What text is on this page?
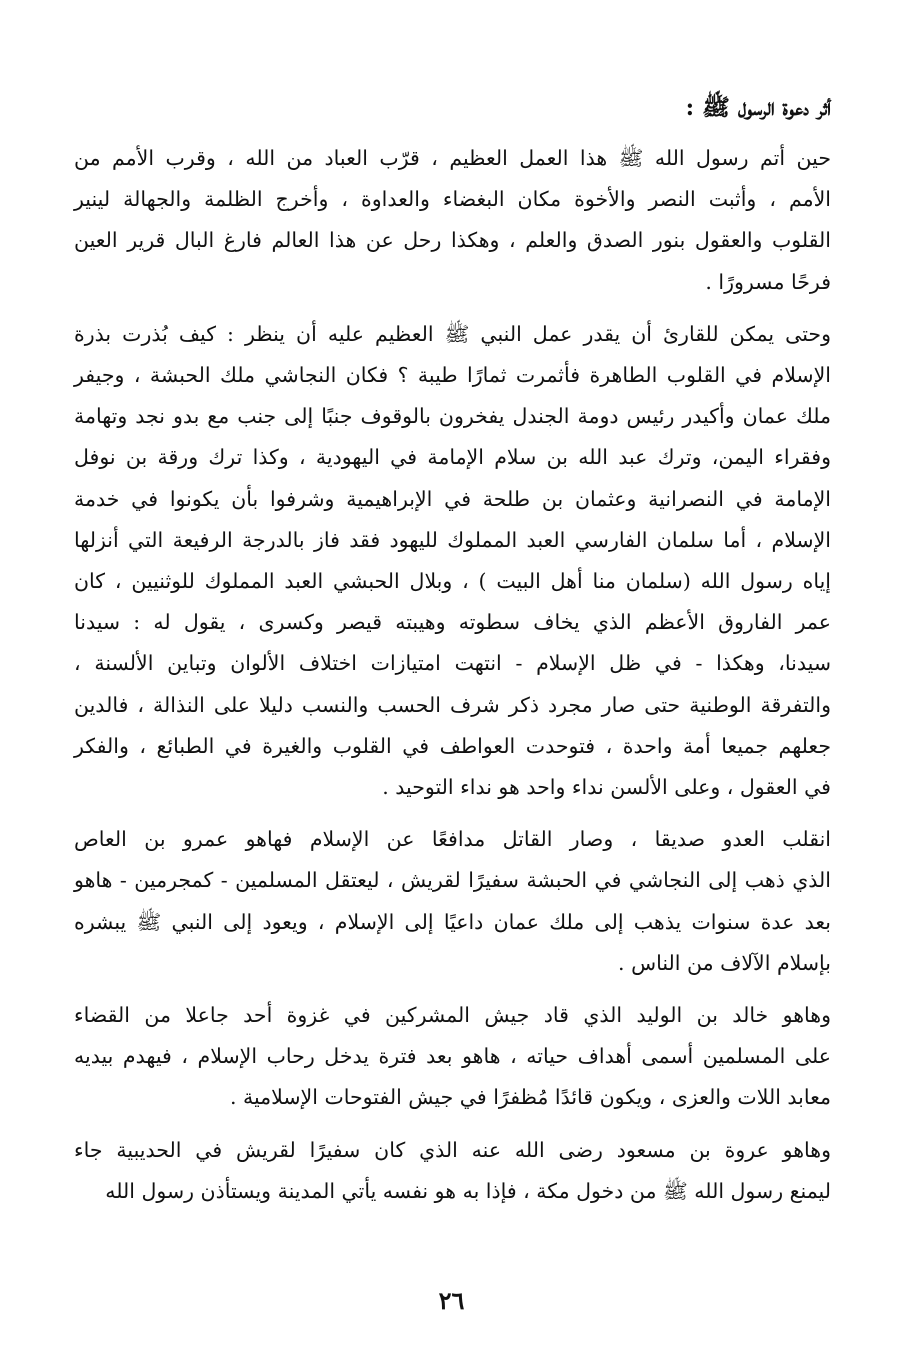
أثر دعوة الرسول ﷺ :
حين أتم رسول الله ﷺ هذا العمل العظيم ، قرّب العباد من الله ، وقرب الأمم من
الأمم ، وأثبت النصر والأخوة مكان البغضاء والعداوة ، وأخرج الظلمة والجهالة لينير
القلوب والعقول بنور الصدق والعلم ، وهكذا رحل عن هذا العالم فارغ البال قرير العين
فرحًا مسرورًا .
وحتى يمكن للقارئ أن يقدر عمل النبي ﷺ العظيم عليه أن ينظر : كيف بُذرت بذرة
الإسلام في القلوب الطاهرة فأثمرت ثمارًا طيبة ؟ فكان النجاشي ملك الحبشة ، وجيفر
ملك عمان وأكيدر رئيس دومة الجندل يفخرون بالوقوف جنبًا إلى جنب مع بدو نجد وتهامة
وفقراء اليمن، وترك عبد الله بن سلام الإمامة في اليهودية ، وكذا ترك ورقة بن نوفل
الإمامة في النصرانية وعثمان بن طلحة في الإبراهيمية وشرفوا بأن يكونوا في خدمة
الإسلام ، أما سلمان الفارسي العبد المملوك لليهود فقد فاز بالدرجة الرفيعة التي أنزلها
إياه رسول الله (سلمان منا أهل البيت ) ، وبلال الحبشي العبد المملوك للوثنيين ، كان
عمر الفاروق الأعظم الذي يخاف سطوته وهيبته قيصر وكسرى ، يقول له : سيدنا
سيدنا، وهكذا - في ظل الإسلام - انتهت امتيازات اختلاف الألوان وتباين الألسنة ،
والتفرقة الوطنية حتى صار مجرد ذكر شرف الحسب والنسب دليلا على النذالة ، فالدين
جعلهم جميعا أمة واحدة ، فتوحدت العواطف في القلوب والغيرة في الطبائع ، والفكر
في العقول ، وعلى الألسن نداء واحد هو نداء التوحيد .
انقلب العدو صديقا ، وصار القاتل مدافعًا عن الإسلام فهاهو عمرو بن العاص
الذي ذهب إلى النجاشي في الحبشة سفيرًا لقريش ، ليعتقل المسلمين - كمجرمين - هاهو
بعد عدة سنوات يذهب إلى ملك عمان داعيًا إلى الإسلام ، ويعود إلى النبي ﷺ يبشره
بإسلام الآلاف من الناس .
وهاهو خالد بن الوليد الذي قاد جيش المشركين في غزوة أحد جاعلا من القضاء
على المسلمين أسمى أهداف حياته ، هاهو بعد فترة يدخل رحاب الإسلام ، فيهدم بيديه
معابد اللات والعزى ، ويكون قائدًا مُظفرًا في جيش الفتوحات الإسلامية .
وهاهو عروة بن مسعود رضى الله عنه الذي كان سفيرًا لقريش في الحديبية جاء
ليمنع رسول الله ﷺ من دخول مكة ، فإذا به هو نفسه يأتي المدينة ويستأذن رسول الله
٢٦
